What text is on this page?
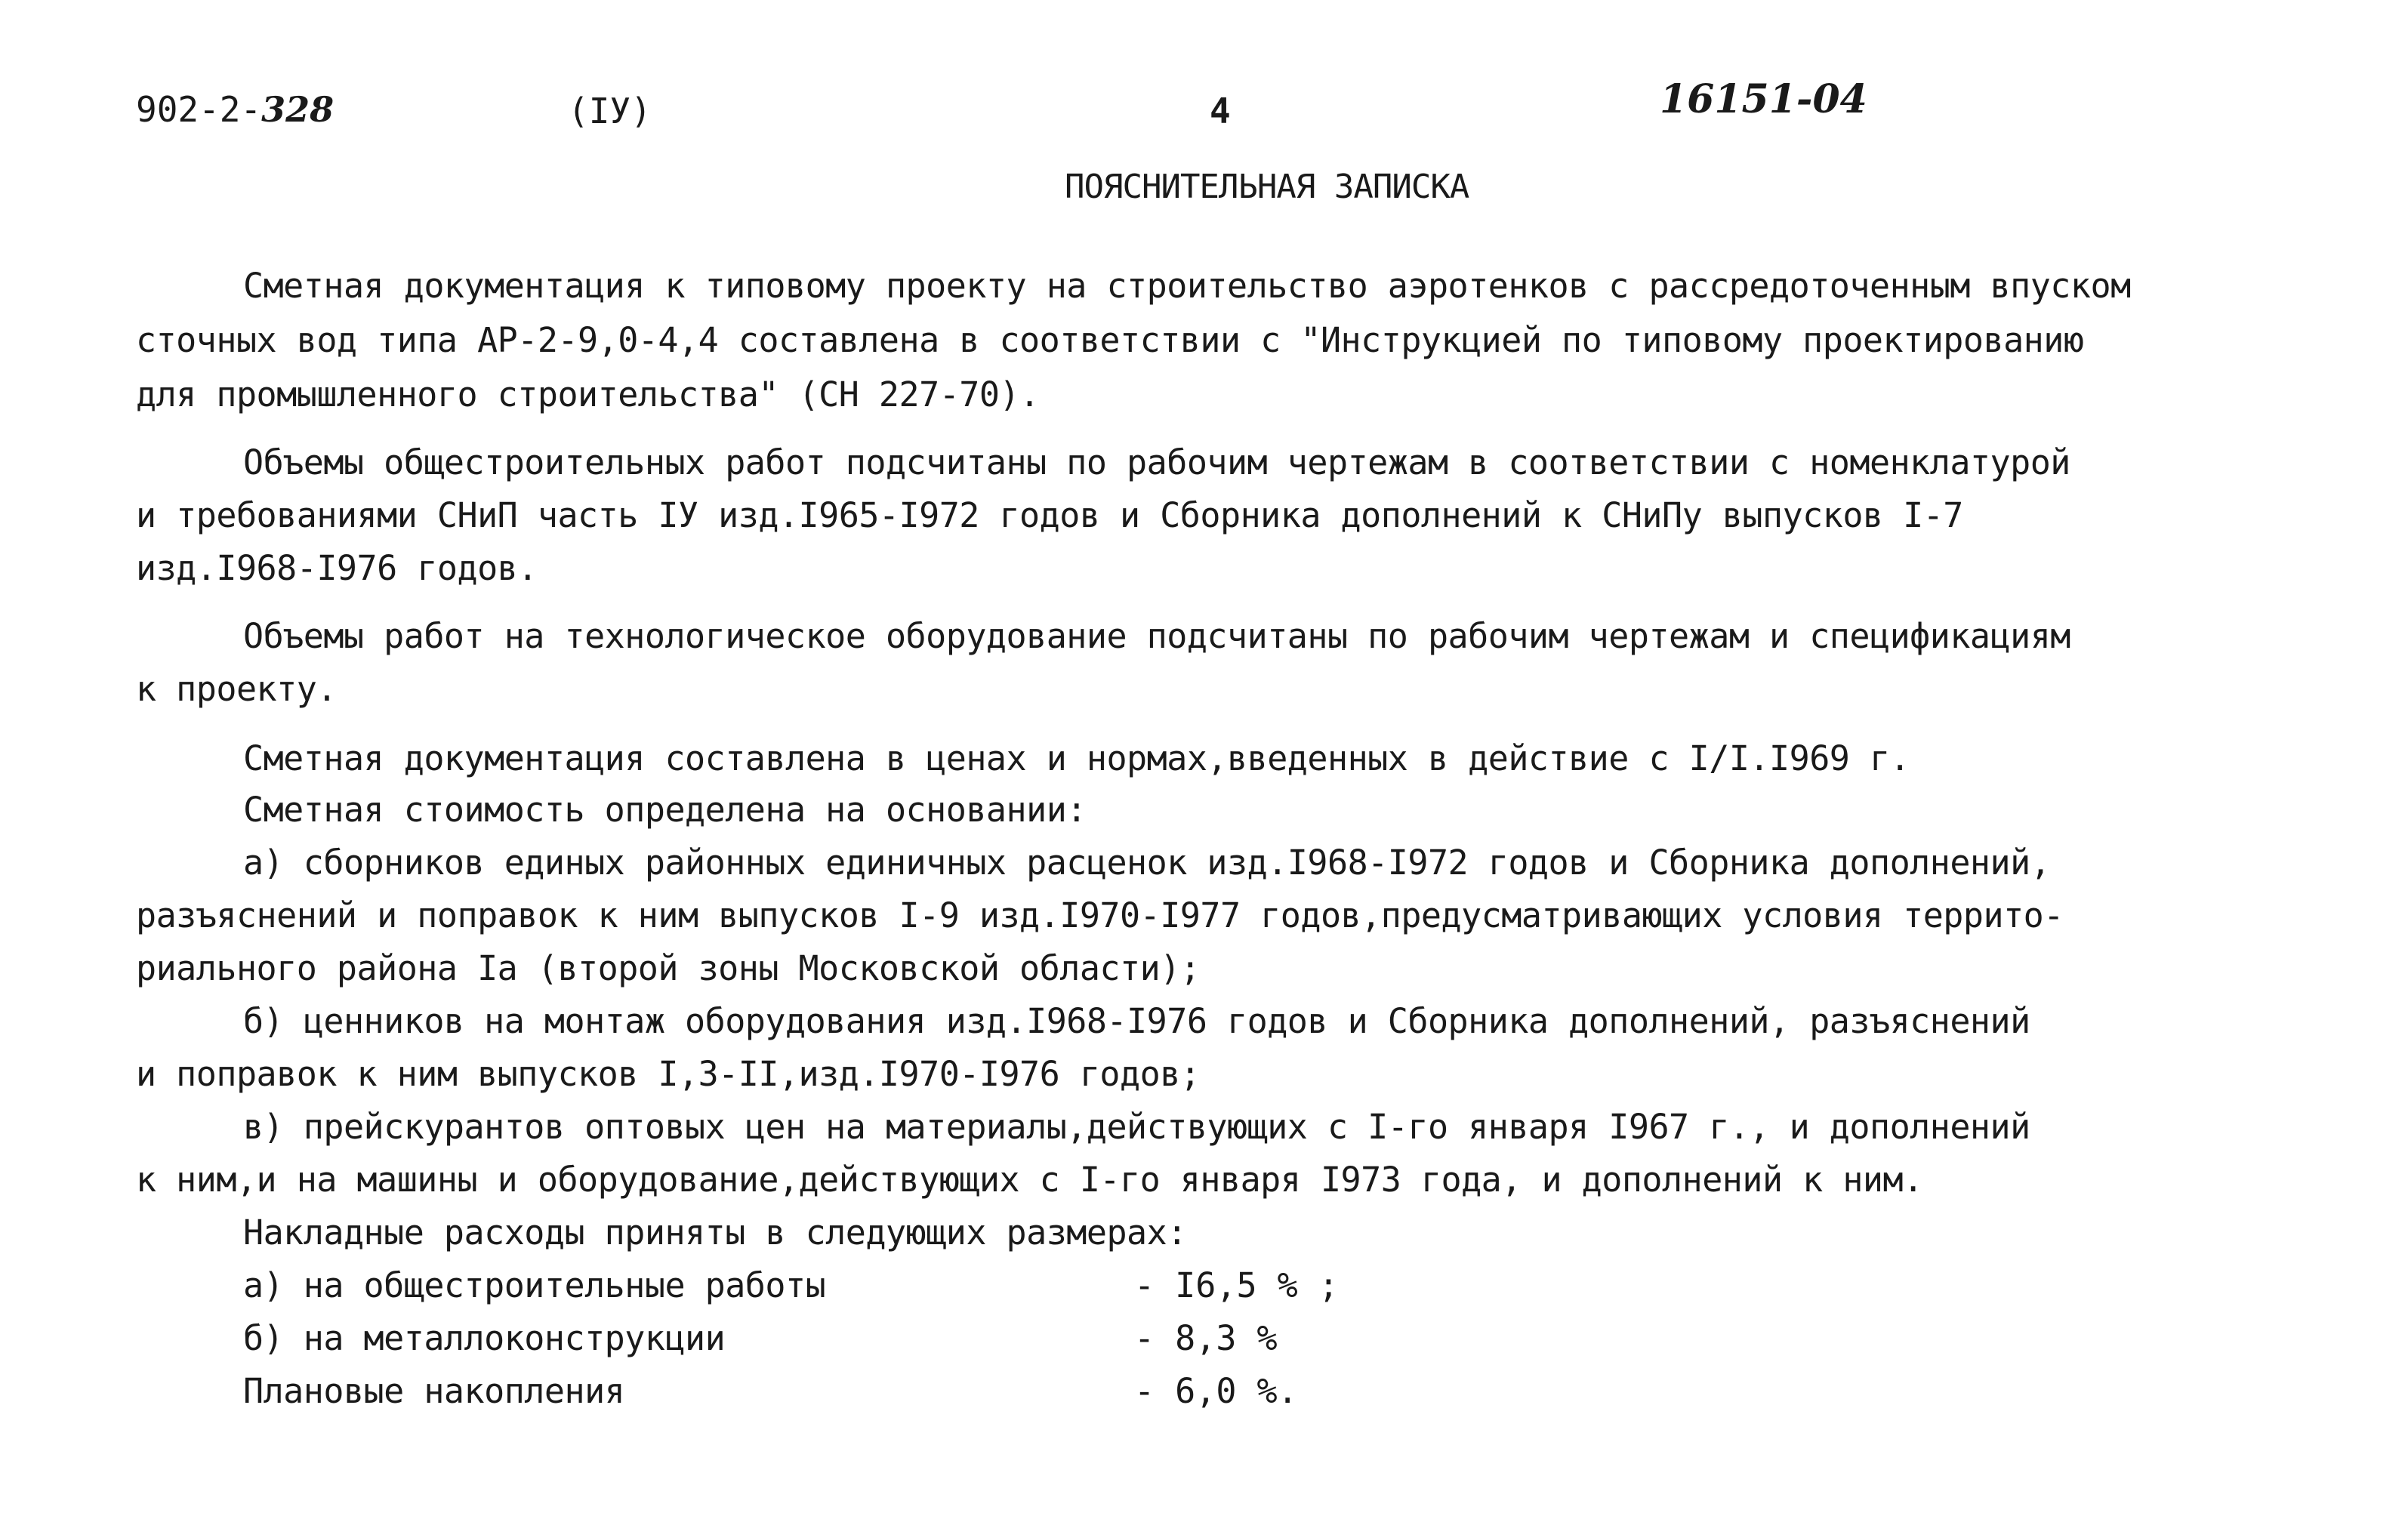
902-2-328	(IУ)	4	16151-04
ПОЯСНИТЕЛЬНАЯ ЗАПИСКА
Сметная документация к типовому проекту на строительство аэротенков с рассредоточенным впуском
сточных вод типа АР-2-9,0-4,4 составлена в соответствии с "Инструкцией по типовому проектированию
для промышленного строительства" (СН 227-70).
Объемы общестроительных работ подсчитаны по рабочим чертежам в соответствии с номенклатурой
и требованиями СНиП часть IУ изд.I965-I972 годов и Сборника дополнений к СНиПу выпусков I-7
изд.I968-I976 годов.
Объемы работ на технологическое оборудование подсчитаны по рабочим чертежам и спецификациям
к проекту.
Сметная документация составлена в ценах и нормах,введенных в действие с I/I.I969 г.
Сметная стоимость определена на основании:
а) сборников единых районных единичных расценок изд.I968-I972 годов и Сборника дополнений,
разъяснений и поправок к ним выпусков I-9 изд.I970-I977 годов,предусматривающих условия террито-
риального района Iа (второй зоны Московской области);
б) ценников на монтаж оборудования изд.I968-I976 годов и Сборника дополнений, разъяснений
и поправок к ним выпусков I,3-II,изд.I970-I976 годов;
в) прейскурантов оптовых цен на материалы,действующих с I-го января I967 г., и дополнений
к ним,и на машины и оборудование,действующих с I-го января I973 года, и дополнений к ним.
Накладные расходы приняты в следующих размерах:
а) на общестроительные работы	- I6,5 % ;
б) на металлоконструкции	- 8,3 %
Плановые накопления	- 6,0 %.
